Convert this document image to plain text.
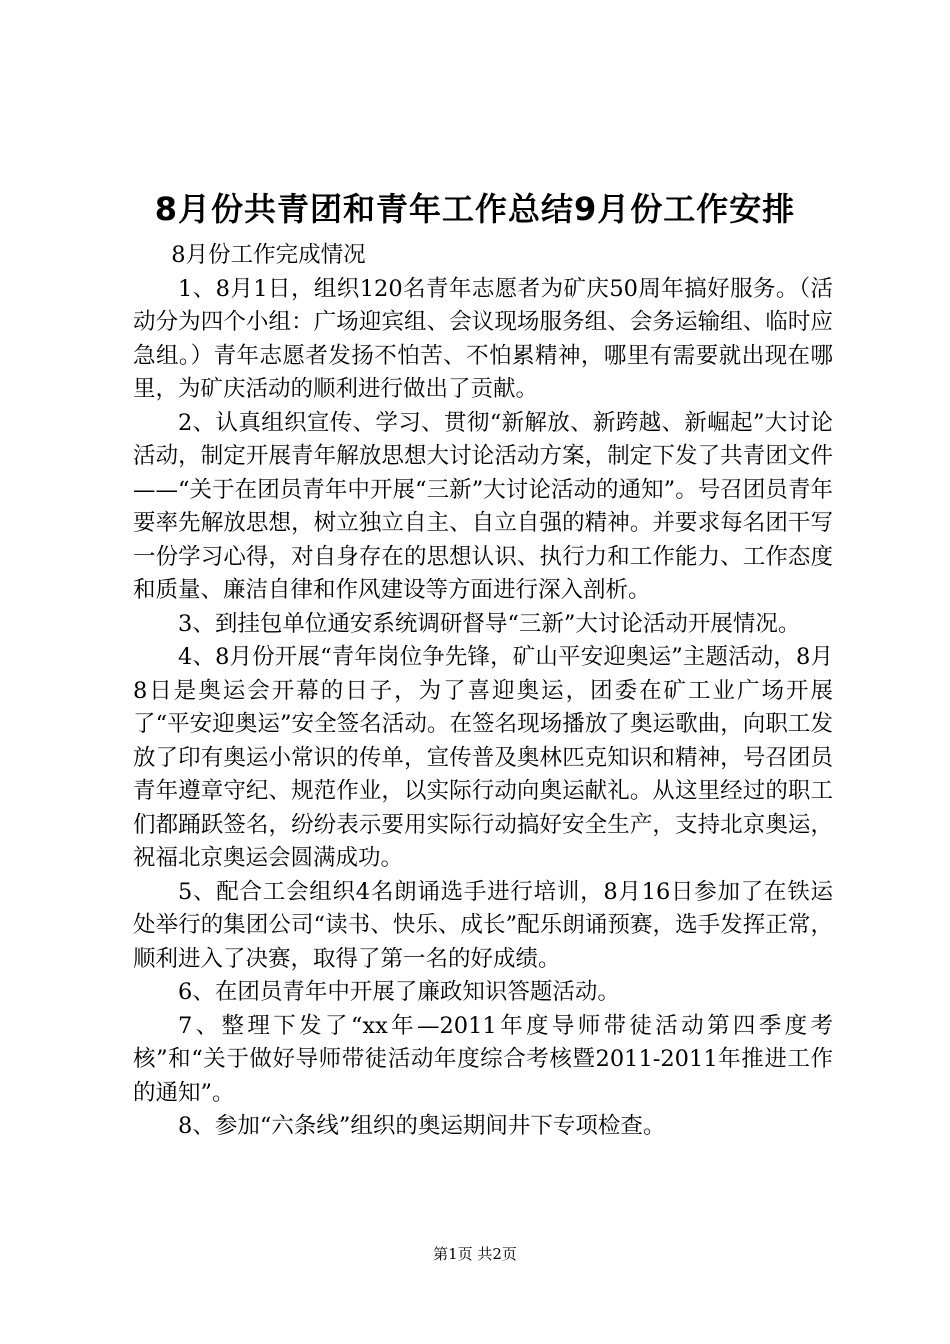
8月份共青团和青年工作总结9月份工作安排

8月份工作完成情况

1、8月1日，组织120名青年志愿者为矿庆50周年搞好服务。（活动分为四个小组：广场迎宾组、会议现场服务组、会务运输组、临时应急组。）青年志愿者发扬不怕苦、不怕累精神，哪里有需要就出现在哪里，为矿庆活动的顺利进行做出了贡献。

2、认真组织宣传、学习、贯彻“新解放、新跨越、新崛起”大讨论活动，制定开展青年解放思想大讨论活动方案，制定下发了共青团文件——“关于在团员青年中开展“三新”大讨论活动的通知”。号召团员青年要率先解放思想，树立独立自主、自立自强的精神。并要求每名团干写一份学习心得，对自身存在的思想认识、执行力和工作能力、工作态度和质量、廉洁自律和作风建设等方面进行深入剖析。

3、到挂包单位通安系统调研督导“三新”大讨论活动开展情况。

4、8月份开展“青年岗位争先锋，矿山平安迎奥运”主题活动，8月8日是奥运会开幕的日子，为了喜迎奥运，团委在矿工业广场开展了“平安迎奥运”安全签名活动。在签名现场播放了奥运歌曲，向职工发放了印有奥运小常识的传单，宣传普及奥林匹克知识和精神，号召团员青年遵章守纪、规范作业，以实际行动向奥运献礼。从这里经过的职工们都踊跃签名，纷纷表示要用实际行动搞好安全生产，支持北京奥运，祝福北京奥运会圆满成功。

5、配合工会组织4名朗诵选手进行培训，8月16日参加了在铁运处举行的集团公司“读书、快乐、成长”配乐朗诵预赛，选手发挥正常，顺利进入了决赛，取得了第一名的好成绩。

6、在团员青年中开展了廉政知识答题活动。

7、整理下发了“xx年—2011年度导师带徒活动第四季度考核”和“关于做好导师带徒活动年度综合考核暨2011-2011年推进工作的通知”。

8、参加“六条线”组织的奥运期间井下专项检查。

第1页 共2页
